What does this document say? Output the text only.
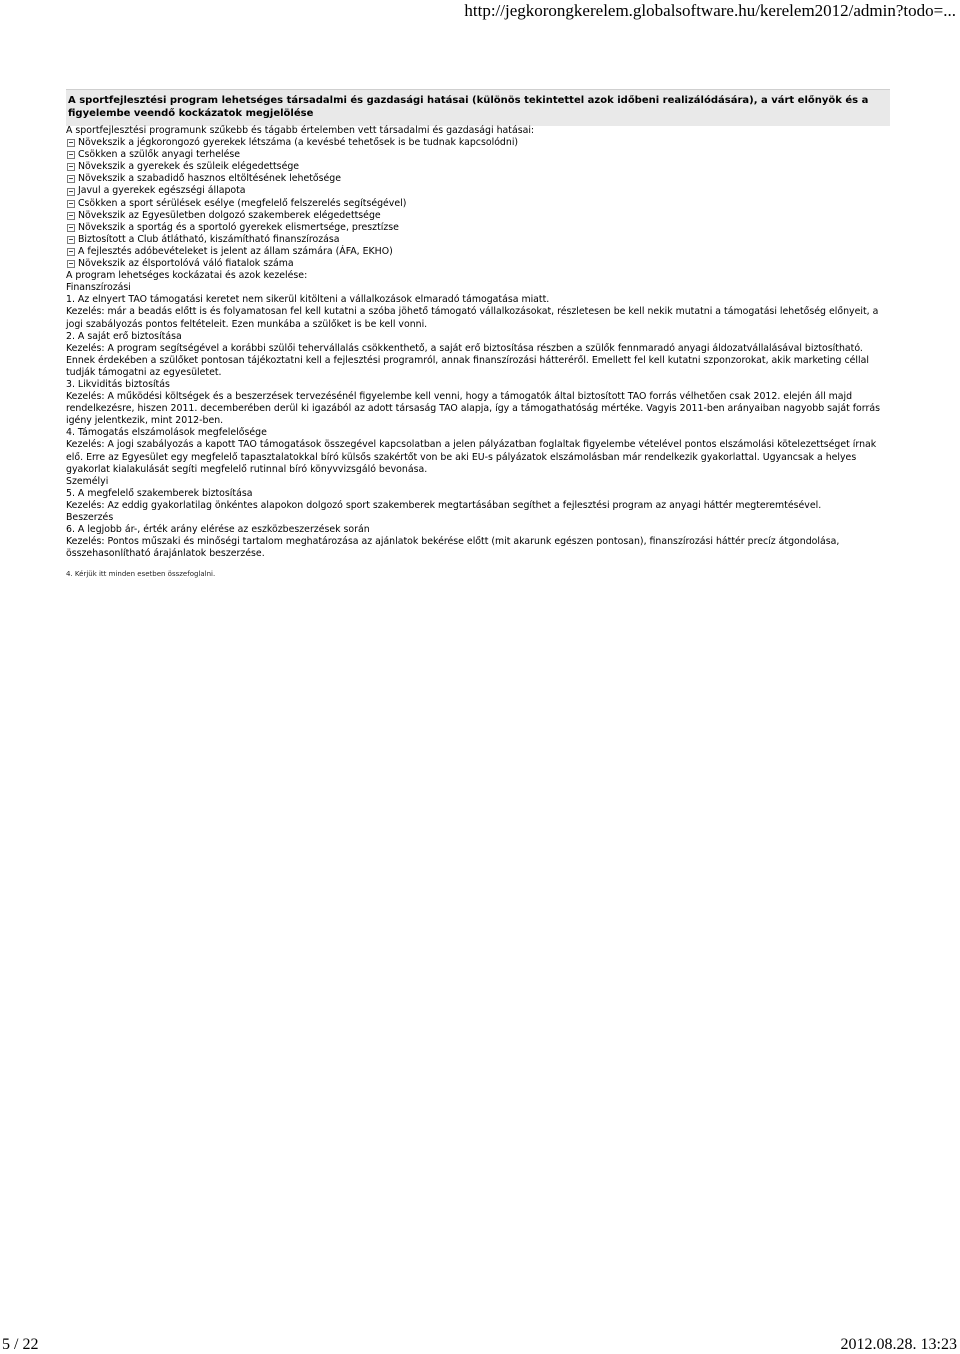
http://jegkorongkerelem.globalsoftware.hu/kerelem2012/admin?todo=...
A sportfejlesztési program lehetséges társadalmi és gazdasági hatásai (különös tekintettel azok időbeni realizálódására), a várt előnyök és a figyelembe veendő kockázatok megjelölése
A sportfejlesztési programunk szűkebb és tágabb értelemben vett társadalmi és gazdasági hatásai:
Növekszik a jégkorongozó gyerekek létszáma (a kevésbé tehetősek is be tudnak kapcsolódni)
Csökken a szülők anyagi terhelése
Növekszik a gyerekek és szüleik elégedettsége
Növekszik a szabadidő hasznos eltöltésének lehetősége
Javul a gyerekek egészségi állapota
Csökken a sport sérülések esélye (megfelelő felszerelés segítségével)
Növekszik az Egyesületben dolgozó szakemberek elégedettsége
Növekszik a sportág és a sportoló gyerekek elismertsége, presztízse
Biztosított a Club átlátható, kiszámítható finanszírozása
A fejlesztés adóbevételeket is jelent az állam számára (ÁFA, EKHO)
Növekszik az élsportolóvá váló fiatalok száma
A program lehetséges kockázatai és azok kezelése:
Finanszírozási
1. Az elnyert TAO támogatási keretet nem sikerül kitölteni a vállalkozások elmaradó támogatása miatt.
Kezelés: már a beadás előtt is és folyamatosan fel kell kutatni a szóba jöhető támogató vállalkozásokat, részletesen be kell nekik mutatni a támogatási lehetőség előnyeit, a jogi szabályozás pontos feltételeit. Ezen munkába a szülőket is be kell vonni.
2. A saját erő biztosítása
Kezelés: A program segítségével a korábbi szülői tehervállalás csökkenthető, a saját erő biztosítása részben a szülők fennmaradó anyagi áldozatvállalásával biztosítható. Ennek érdekében a szülőket pontosan tájékoztatni kell a fejlesztési programról, annak finanszírozási hátteréről. Emellett fel kell kutatni szponzorokat, akik marketing céllal tudják támogatni az egyesületet.
3. Likviditás biztosítás
Kezelés: A működési költségek és a beszerzések tervezésénél figyelembe kell venni, hogy a támogatók által biztosított TAO forrás vélhetően csak 2012. elején áll majd rendelkezésre, hiszen 2011. decemberében derül ki igazából az adott társaság TAO alapja, így a támogathatóság mértéke. Vagyis 2011-ben arányaiban nagyobb saját forrás igény jelentkezik, mint 2012-ben.
4. Támogatás elszámolások megfelelősége
Kezelés: A jogi szabályozás a kapott TAO támogatások összegével kapcsolatban a jelen pályázatban foglaltak figyelembe vételével pontos elszámolási kötelezettséget írnak elő. Erre az Egyesület egy megfelelő tapasztalatokkal bíró külsős szakértőt von be aki EU-s pályázatok elszámolásban már rendelkezik gyakorlattal. Ugyancsak a helyes gyakorlat kialakulását segíti megfelelő rutinnal bíró könyvvizsgáló bevonása.
Személyi
5. A megfelelő szakemberek biztosítása
Kezelés: Az eddig gyakorlatilag önkéntes alapokon dolgozó sport szakemberek megtartásában segíthet a fejlesztési program az anyagi háttér megteremtésével.
Beszerzés
6. A legjobb ár-, érték arány elérése az eszközbeszerzések során
Kezelés: Pontos műszaki és minőségi tartalom meghatározása az ajánlatok bekérése előtt (mit akarunk egészen pontosan), finanszírozási háttér precíz átgondolása, összehasonlítható árajánlatok beszerzése.
4. Kérjük itt minden esetben összefoglalni.
5 / 22	2012.08.28. 13:23
